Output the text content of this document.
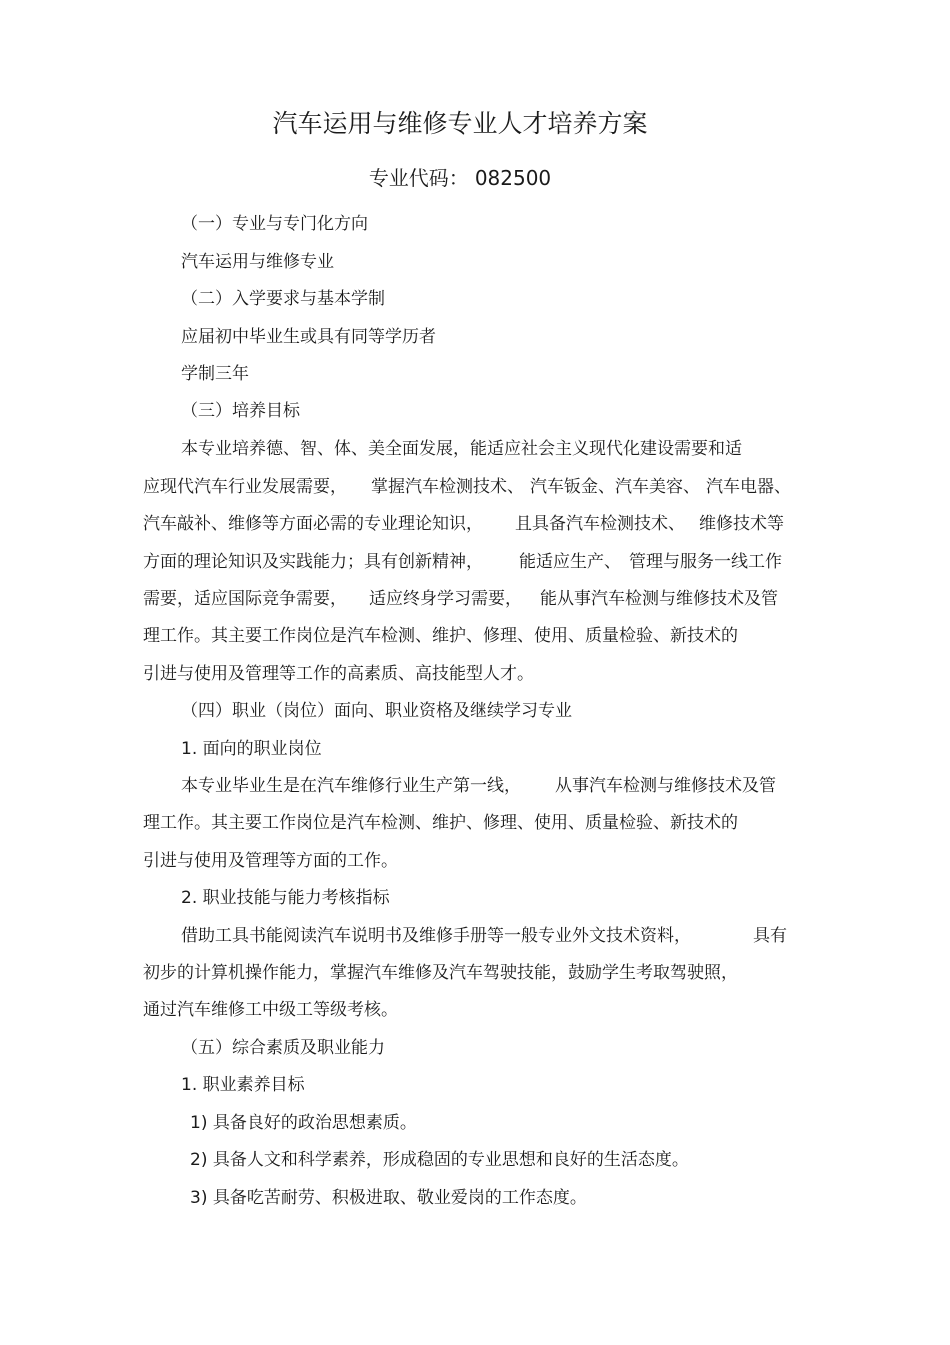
汽车运用与维修专业人才培养方案
专业代码： 082500
（一）专业与专门化方向
汽车运用与维修专业
（二）入学要求与基本学制
应届初中毕业生或具有同等学历者
学制三年
（三）培养目标
本专业培养德、智、体、美全面发展，能适应社会主义现代化建设需要和适
应现代汽车行业发展需要， 掌握汽车检测技术、 汽车钣金、汽车美容、 汽车电器、
汽车敲补、维修等方面必需的专业理论知识， 且具备汽车检测技术、 维修技术等
方面的理论知识及实践能力；具有创新精神， 能适应生产、 管理与服务一线工作
需要，适应国际竞争需要， 适应终身学习需要， 能从事汽车检测与维修技术及管
理工作。其主要工作岗位是汽车检测、维护、修理、使用、质量检验、新技术的
引进与使用及管理等工作的高素质、高技能型人才。
（四）职业（岗位）面向、职业资格及继续学习专业
1. 面向的职业岗位
本专业毕业生是在汽车维修行业生产第一线， 从事汽车检测与维修技术及管
理工作。其主要工作岗位是汽车检测、维护、修理、使用、质量检验、新技术的
引进与使用及管理等方面的工作。
2. 职业技能与能力考核指标
借助工具书能阅读汽车说明书及维修手册等一般专业外文技术资料，	具有
初步的计算机操作能力，掌握汽车维修及汽车驾驶技能，鼓励学生考取驾驶照，
通过汽车维修工中级工等级考核。
（五）综合素质及职业能力
1. 职业素养目标
1) 具备良好的政治思想素质。
2) 具备人文和科学素养，形成稳固的专业思想和良好的生活态度。
3) 具备吃苦耐劳、积极进取、敬业爱岗的工作态度。
